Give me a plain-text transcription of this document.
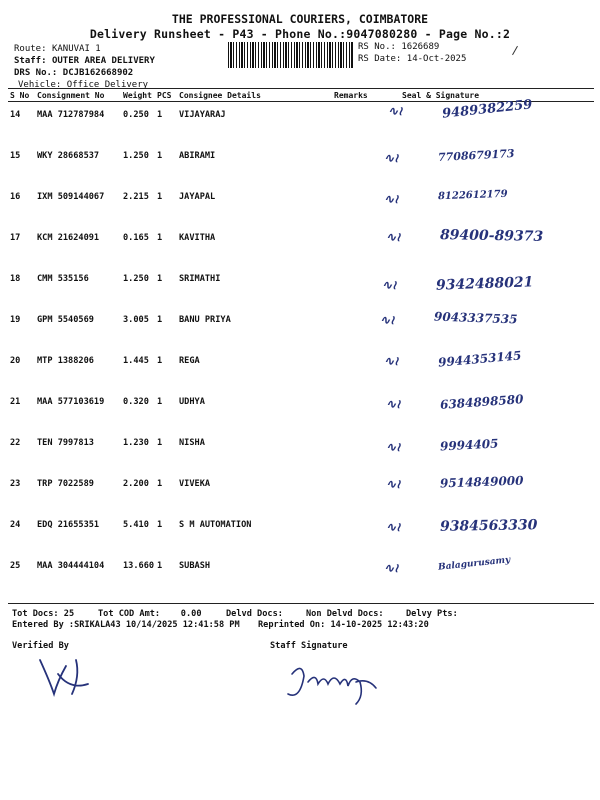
THE PROFESSIONAL COURIERS, COIMBATORE
Delivery Runsheet - P43 - Phone No.:9047080280 - Page No.:2
Route: KANUVAI 1
Staff: OUTER AREA DELIVERY
DRS No.: DCJB162668902
Vehicle: Office Delivery
RS No.: 1626689
RS Date: 14-Oct-2025
S No	Consignment No	Weight	PCS	Consignee Details	Remarks	Seal & Signature
14	MAA 712787984	0.250	1	VIJAYARAJ		9489382259
∿≀

15	WKY 28668537	1.250	1	ABIRAMI		7708679173
∿≀

16	IXM 509144067	2.215	1	JAYAPAL		8122612179
∿≀

17	KCM 21624091	0.165	1	KAVITHA		89400-89373
∿≀

18	CMM 535156	1.250	1	SRIMATHI		9342488021
∿≀

19	GPM 5540569	3.005	1	BANU PRIYA		9043337535
∿≀

20	MTP 1388206	1.445	1	REGA		9944353145
∿≀

21	MAA 577103619	0.320	1	UDHYA		6384898580
∿≀

22	TEN 7997813	1.230	1	NISHA		9994405
∿≀

23	TRP 7022589	2.200	1	VIVEKA		9514849000
∿≀

24	EDQ 21655351	5.410	1	S M AUTOMATION		9384563330
∿≀

25	MAA 304444104	13.660	1	SUBASH		Balagurusamy
∿≀
Tot Docs: 25	Tot COD Amt: 0.00	Delvd Docs:	Non Delvd Docs:	Delvy Pts:
Entered By :SRIKALA43 10/14/2025 12:41:58 PM Reprinted On: 14-10-2025 12:43:20
Verified By	Staff Signature
